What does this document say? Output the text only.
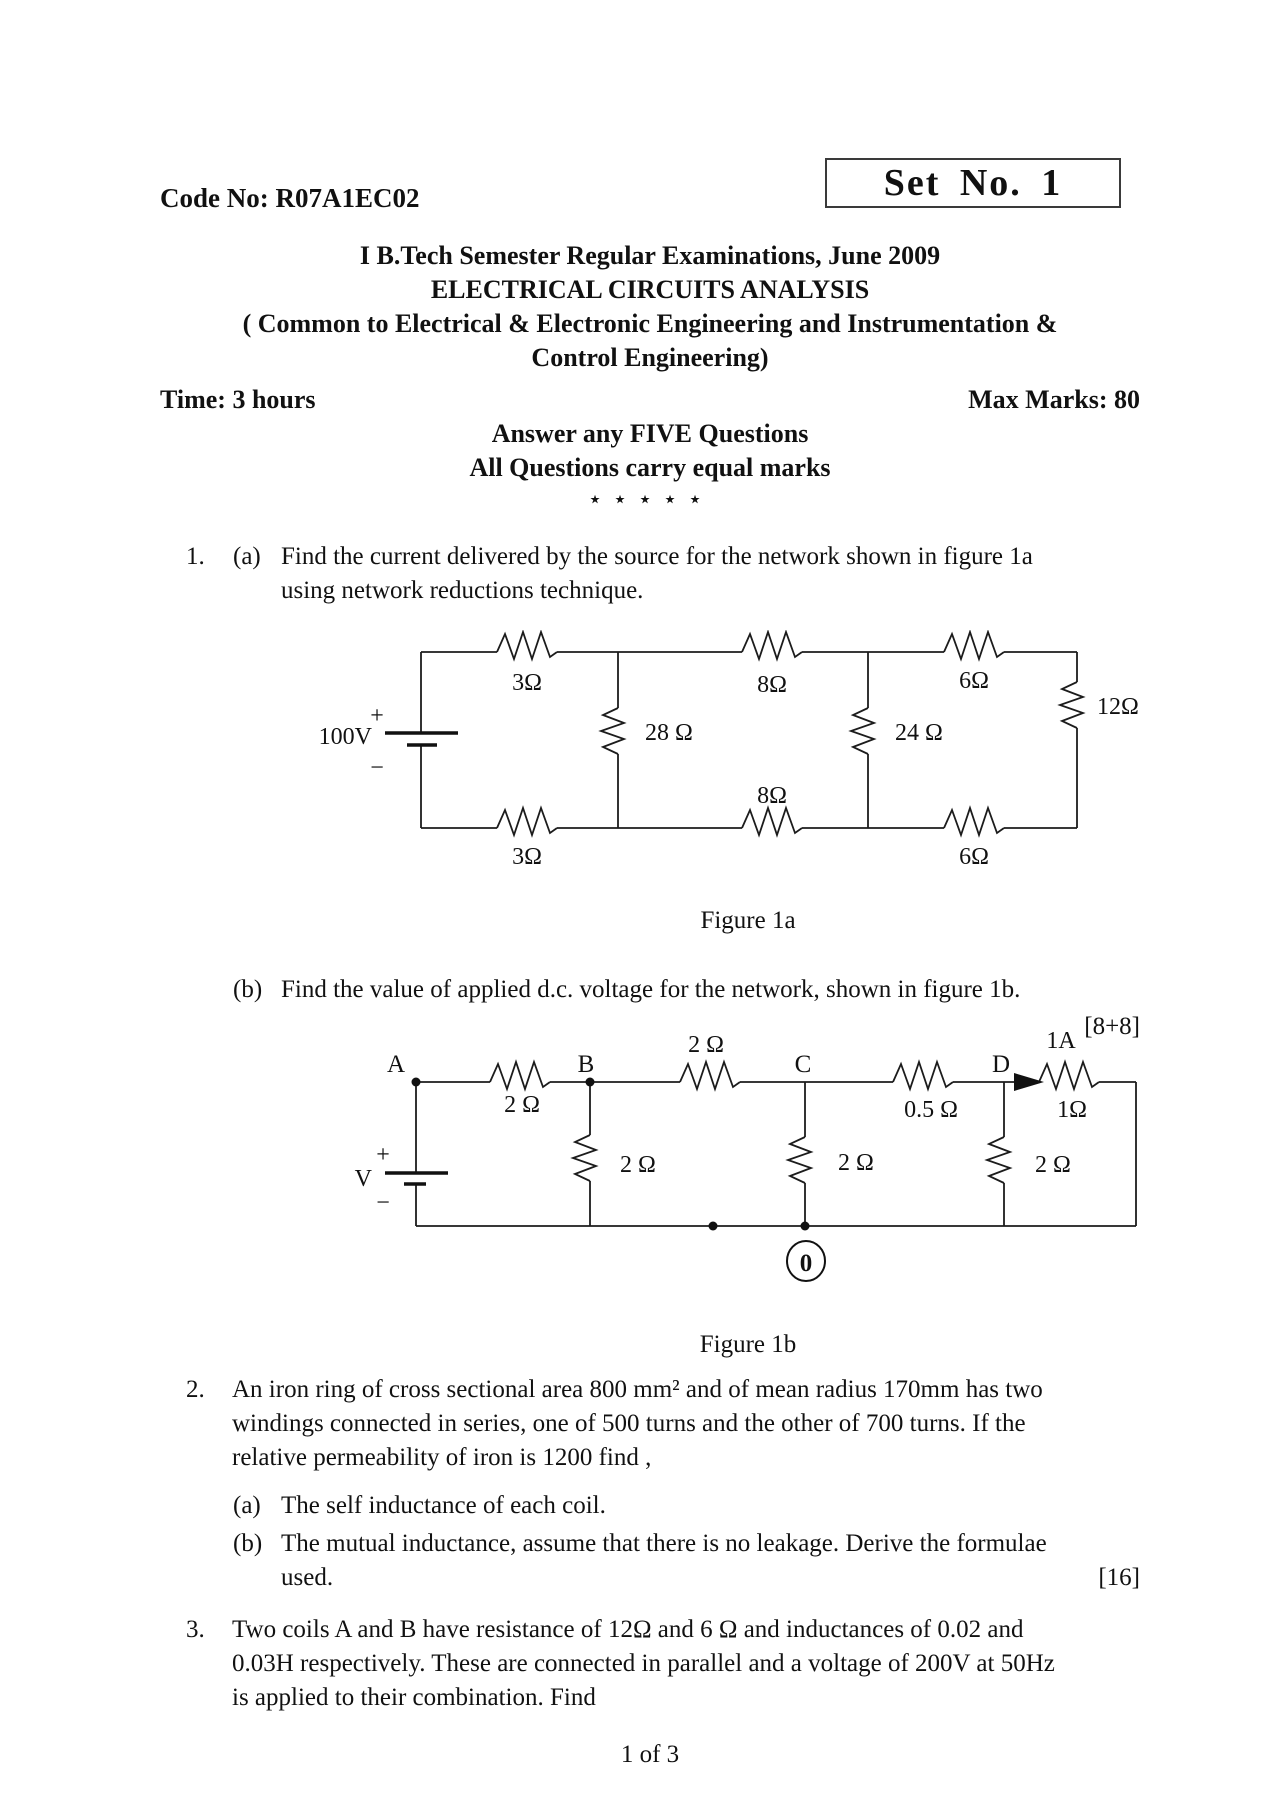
Code No: R07A1EC02	Set No. 1
I B.Tech Semester Regular Examinations, June 2009
ELECTRICAL CIRCUITS ANALYSIS
( Common to Electrical & Electronic Engineering and Instrumentation &
Control Engineering)
Time: 3 hours	Max Marks: 80
Answer any FIVE Questions
All Questions carry equal marks
⋆⋆⋆⋆⋆
1. (a) Find the current delivered by the source for the network shown in figure 1a
using network reductions technique.
3Ω	8Ω	6Ω
28 Ω	24 Ω
12Ω
3Ω
8Ω
6Ω
100V
+
−
Figure 1a
(b) Find the value of applied d.c. voltage for the network, shown in figure 1b.
[8+8]
0
A	B	C	D
2 Ω
2 Ω
0.5 Ω	1Ω
1A
2 Ω	2 Ω	2 Ω
V
+
−
Figure 1b
2. An iron ring of cross sectional area 800 mm² and of mean radius 170mm has two
windings connected in series, one of 500 turns and the other of 700 turns. If the
relative permeability of iron is 1200 find ,
(a) The self inductance of each coil.
(b) The mutual inductance, assume that there is no leakage. Derive the formulae
used.	[16]
3. Two coils A and B have resistance of 12Ω and 6 Ω and inductances of 0.02 and
0.03H respectively. These are connected in parallel and a voltage of 200V at 50Hz
is applied to their combination. Find
1 of 3
